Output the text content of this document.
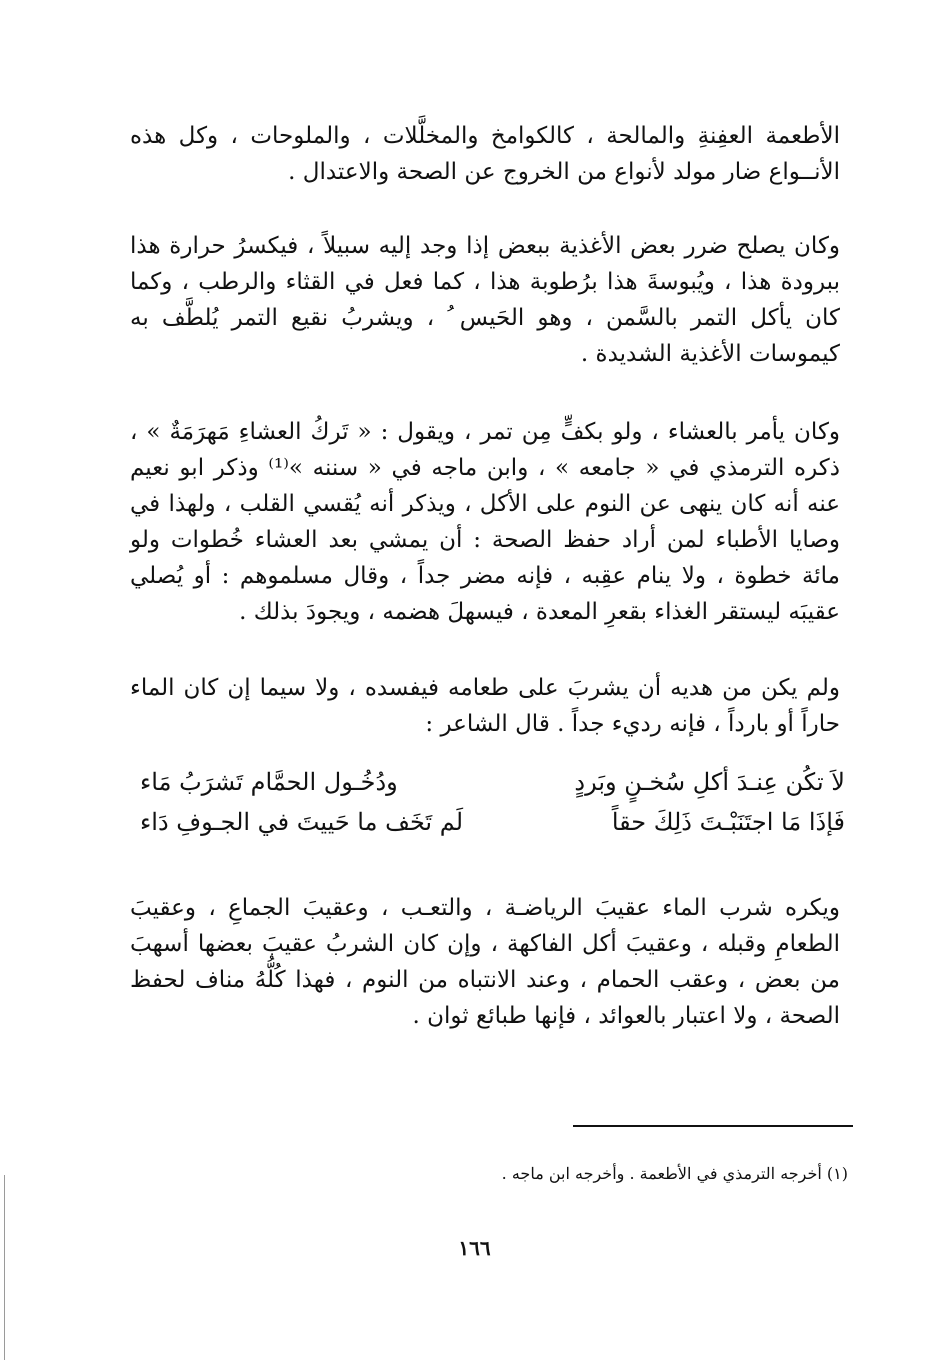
الأطعمة العفِنةِ والمالحة ، كالكوامخ والمخلَّلات ، والملوحات ، وكل هذه الأنــواع ضار مولد لأنواع من الخروج عن الصحة والاعتدال .

وكان يصلح ضرر بعض الأغذية ببعض إذا وجد إليه سبيلاً ، فيكسرُ حرارة هذا ببرودة هذا ، ويُبوسةَ هذا برُطوبة هذا ، كما فعل في القثاء والرطب ، وكما كان يأكل التمر بالسَّمن ، وهو الحَيس ُ ، ويشربُ نقيع التمر يُلطَّف به كيموسات الأغذية الشديدة .

وكان يأمر بالعشاء ، ولو بكفٍّ مِن تمر ، ويقول : « تَركُ العشاءِ مَهرَمَةٌ » ، ذكره الترمذي في « جامعه » ، وابن ماجه في « سننه »⁽¹⁾ وذكر ابو نعيم عنه أنه كان ينهى عن النوم على الأكل ، ويذكر أنه يُقسي القلب ، ولهذا في وصايا الأطباء لمن أراد حفظ الصحة : أن يمشي بعد العشاء خُطوات ولو مائة خطوة ، ولا ينام عقِبه ، فإنه مضر جداً ، وقال مسلموهم : أو يُصلي عقيبَه ليستقر الغذاء بقعرِ المعدة ، فيسهلَ هضمه ، ويجودَ بذلك .

ولم يكن من هديه أن يشربَ على طعامه فيفسده ، ولا سيما إن كان الماء حاراً أو بارداً ، فإنه رديء جداً . قال الشاعر :

لاَ تكُن عِنـدَ أكلِ سُخـنٍ وبَردٍ
ودُخُـول الحمَّام تَشرَبُ مَاء
فَإذَا مَا اجتَنَبْـتَ ذَلِكَ حقاً
لَم تَخَف ما حَييتَ في الجـوفِ دَاء

ويكره شرب الماء عقيبَ الرياضـة ، والتعـب ، وعقيبَ الجماعِ ، وعقيبَ الطعامِ وقبله ، وعقيبَ أكل الفاكهة ، وإن كان الشربُ عقيبَ بعضها أسهبَ من بعض ، وعقب الحمام ، وعند الانتباه من النوم ، فهذا كُلُّهُ مناف لحفظ الصحة ، ولا اعتبار بالعوائد ، فإنها طبائع ثوان .

(١) أخرجه الترمذي في الأطعمة . وأخرجه ابن ماجه .
١٦٦
